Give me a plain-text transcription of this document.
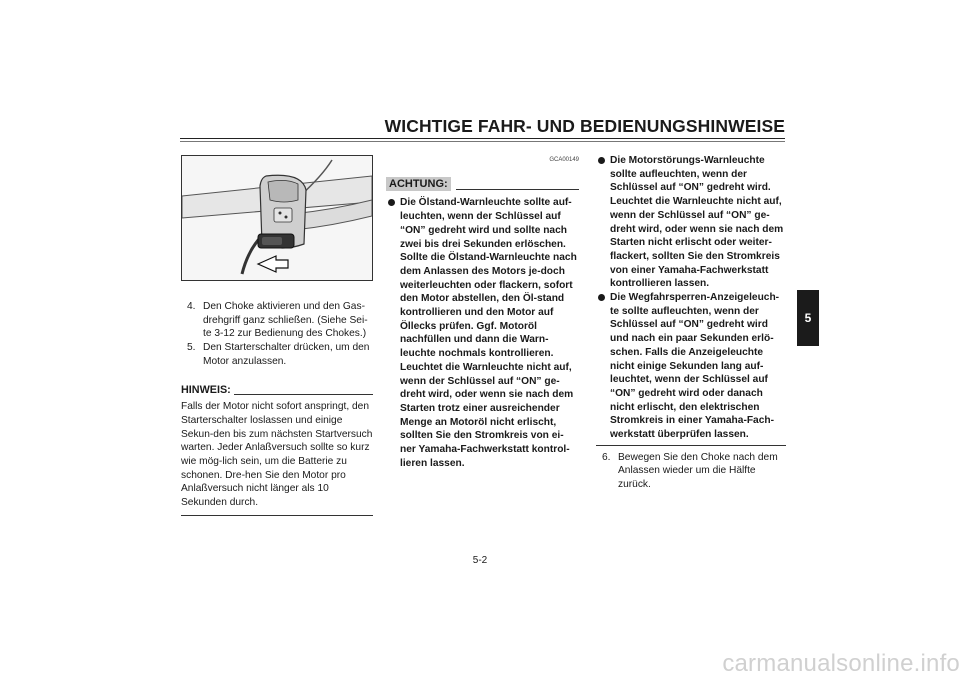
WICHTIGE FAHR- UND BEDIENUNGSHINWEISE
5
4. Den Choke aktivieren und den Gas-drehgriff ganz schließen. (Siehe Sei-te 3-12 zur Bedienung des Chokes.)
5. Den Starterschalter drücken, um den Motor anzulassen.
HINWEIS:
Falls der Motor nicht sofort anspringt, den Starterschalter loslassen und einige Sekun-den bis zum nächsten Startversuch warten. Jeder Anlaßversuch sollte so kurz wie mög-lich sein, um die Batterie zu schonen. Dre-hen Sie den Motor pro Anlaßversuch nicht länger als 10 Sekunden durch.
GCA00149
ACHTUNG:
Die Ölstand-Warnleuchte sollte auf-leuchten, wenn der Schlüssel auf “ON” gedreht wird und sollte nach zwei bis drei Sekunden erlöschen. Sollte die Ölstand-Warnleuchte nach dem Anlassen des Motors je-doch weiterleuchten oder flackern, sofort den Motor abstellen, den Öl-stand kontrollieren und den Motor auf Öllecks prüfen. Ggf. Motoröl nachfüllen und dann die Warn-leuchte nochmals kontrollieren. Leuchtet die Warnleuchte nicht auf, wenn der Schlüssel auf “ON” ge-dreht wird, oder wenn sie nach dem Starten trotz einer ausreichender Menge an Motoröl nicht erlischt, sollten Sie den Stromkreis von ei-ner Yamaha-Fachwerkstatt kontrol-lieren lassen.
Die Motorstörungs-Warnleuchte sollte aufleuchten, wenn der Schlüssel auf “ON” gedreht wird. Leuchtet die Warnleuchte nicht auf, wenn der Schlüssel auf “ON” ge-dreht wird, oder wenn sie nach dem Starten nicht erlischt oder weiter-flackert, sollten Sie den Stromkreis von einer Yamaha-Fachwerkstatt kontrollieren lassen.
Die Wegfahrsperren-Anzeigeleuch-te sollte aufleuchten, wenn der Schlüssel auf “ON” gedreht wird und nach ein paar Sekunden erlö-schen. Falls die Anzeigeleuchte nicht einige Sekunden lang auf-leuchtet, wenn der Schlüssel auf “ON” gedreht wird oder danach nicht erlischt, den elektrischen Stromkreis in einer Yamaha-Fach-werkstatt überprüfen lassen.
6. Bewegen Sie den Choke nach dem Anlassen wieder um die Hälfte zurück.
5-2
carmanualsonline.info
